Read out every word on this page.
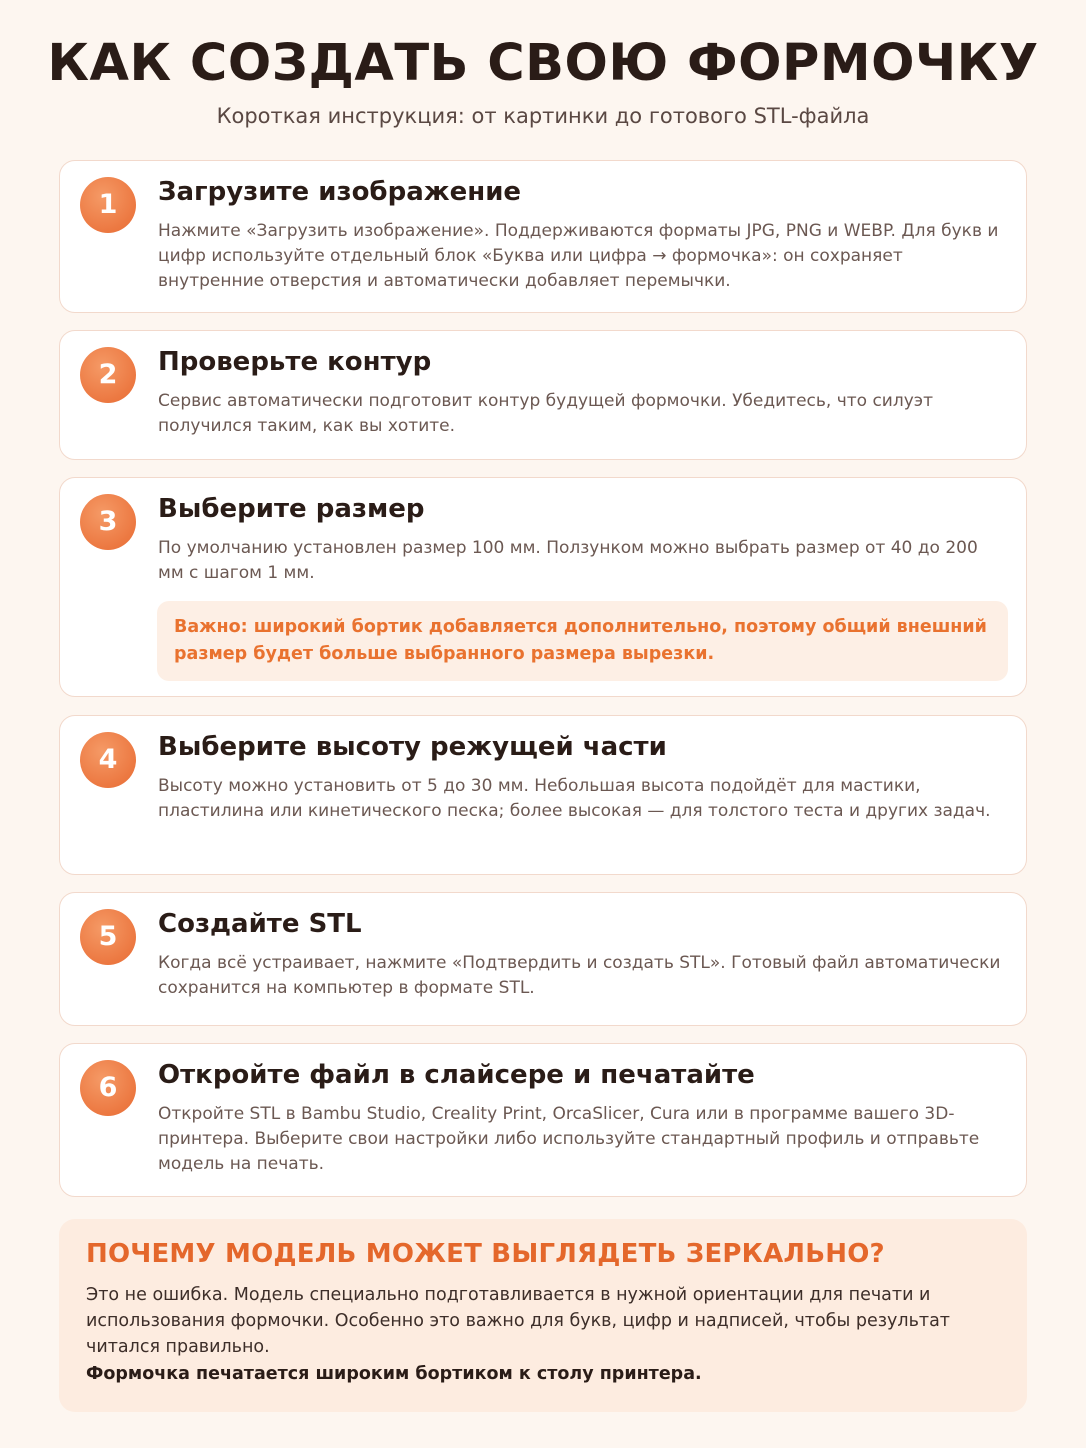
КАК СОЗДАТЬ СВОЮ ФОРМОЧКУ
Короткая инструкция: от картинки до готового STL-файла
1	Загрузите изображение
Нажмите «Загрузить изображение». Поддерживаются форматы JPG, PNG и WEBP. Для букв и цифр используйте отдельный блок «Буква или цифра → формочка»: он сохраняет внутренние отверстия и автоматически добавляет перемычки.
2	Проверьте контур
Сервис автоматически подготовит контур будущей формочки. Убедитесь, что силуэт получился таким, как вы хотите.
3	Выберите размер
По умолчанию установлен размер 100 мм. Ползунком можно выбрать размер от 40 до 200 мм с шагом 1 мм.
Важно: широкий бортик добавляется дополнительно, поэтому общий внешний размер будет больше выбранного размера вырезки.
4	Выберите высоту режущей части
Высоту можно установить от 5 до 30 мм. Небольшая высота подойдёт для мастики, пластилина или кинетического песка; более высокая — для толстого теста и других задач.
5	Создайте STL
Когда всё устраивает, нажмите «Подтвердить и создать STL». Готовый файл автоматически сохранится на компьютер в формате STL.
6	Откройте файл в слайсере и печатайте
Откройте STL в Bambu Studio, Creality Print, OrcaSlicer, Cura или в программе вашего 3D-принтера. Выберите свои настройки либо используйте стандартный профиль и отправьте модель на печать.
ПОЧЕМУ МОДЕЛЬ МОЖЕТ ВЫГЛЯДЕТЬ ЗЕРКАЛЬНО?
Это не ошибка. Модель специально подготавливается в нужной ориентации для печати и использования формочки. Особенно это важно для букв, цифр и надписей, чтобы результат читался правильно.
Формочка печатается широким бортиком к столу принтера.
